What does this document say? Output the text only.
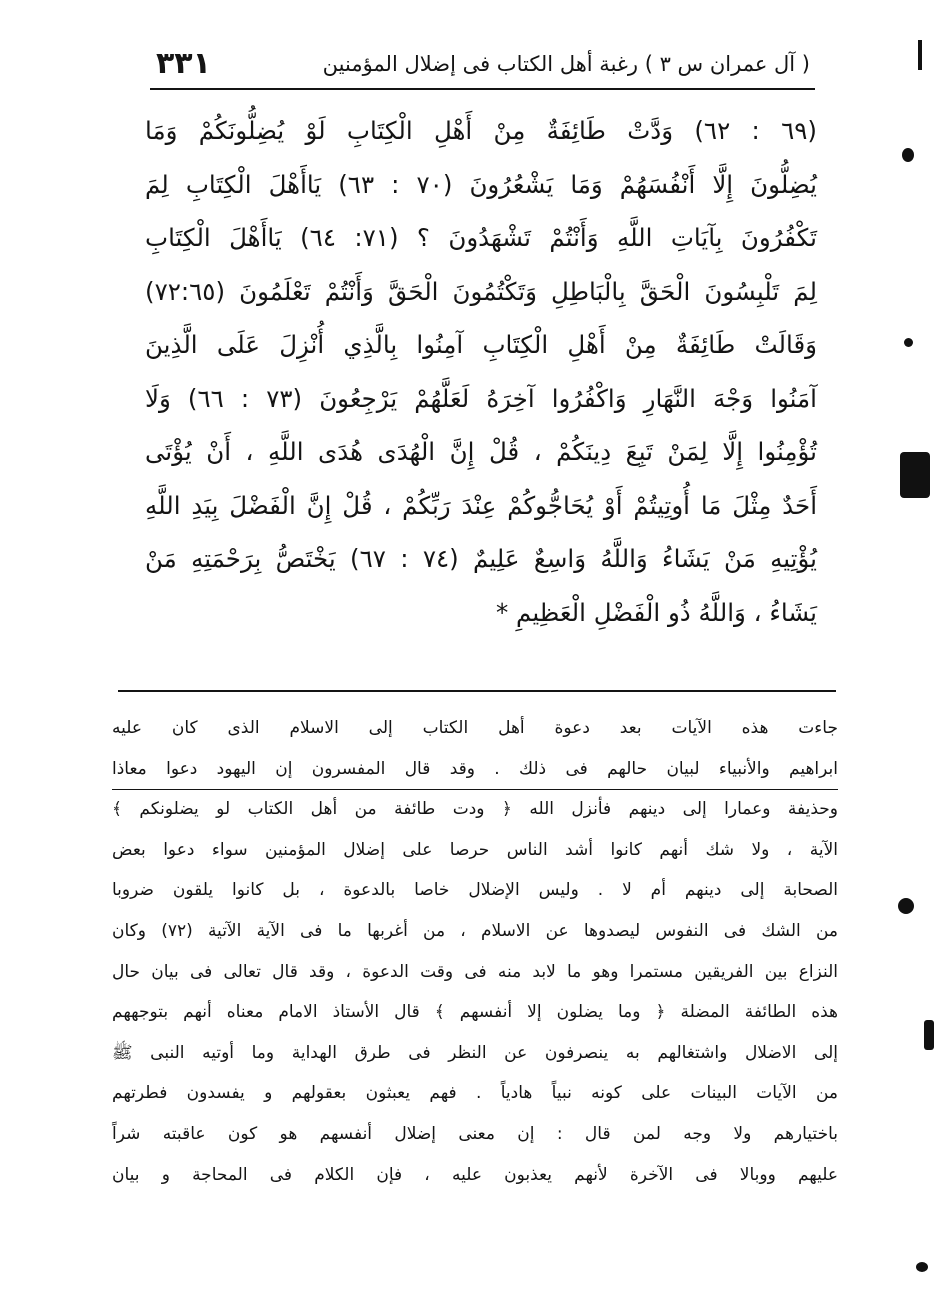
( آل عمران س ٣ ) رغبة أهل الكتاب فى إضلال المؤمنين
٣٣١
(٦٩ : ٦٢) وَدَّتْ طَائِفَةٌ مِنْ أَهْلِ الْكِتَابِ لَوْ يُضِلُّونَكُمْ وَمَا
يُضِلُّونَ إِلَّا أَنْفُسَهُمْ وَمَا يَشْعُرُونَ (٧٠ : ٦٣) يَاأَهْلَ الْكِتَابِ لِمَ
تَكْفُرُونَ بِآيَاتِ اللَّهِ وَأَنْتُمْ تَشْهَدُونَ ؟ (٧١: ٦٤) يَاأَهْلَ الْكِتَابِ
لِمَ تَلْبِسُونَ الْحَقَّ بِالْبَاطِلِ وَتَكْتُمُونَ الْحَقَّ وَأَنْتُمْ تَعْلَمُونَ (٧٢:٦٥)
وَقَالَتْ طَائِفَةٌ مِنْ أَهْلِ الْكِتَابِ آمِنُوا بِالَّذِي أُنْزِلَ عَلَى الَّذِينَ
آمَنُوا وَجْهَ النَّهَارِ وَاكْفُرُوا آخِرَهُ لَعَلَّهُمْ يَرْجِعُونَ (٧٣ : ٦٦) وَلَا
تُؤْمِنُوا إِلَّا لِمَنْ تَبِعَ دِينَكُمْ ، قُلْ إِنَّ الْهُدَى هُدَى اللَّهِ ، أَنْ يُؤْتَى
أَحَدٌ مِثْلَ مَا أُوتِيتُمْ أَوْ يُحَاجُّوكُمْ عِنْدَ رَبِّكُمْ ، قُلْ إِنَّ الْفَضْلَ بِيَدِ اللَّهِ
يُؤْتِيهِ مَنْ يَشَاءُ وَاللَّهُ وَاسِعٌ عَلِيمٌ (٧٤ : ٦٧) يَخْتَصُّ بِرَحْمَتِهِ مَنْ
يَشَاءُ ، وَاللَّهُ ذُو الْفَضْلِ الْعَظِيمِ *
جاءت هذه الآيات بعد دعوة أهل الكتاب إلى الاسلام الذى كان عليه
ابراهيم والأنبياء لبيان حالهم فى ذلك . وقد قال المفسرون إن اليهود دعوا معاذا
وحذيفة وعمارا إلى دينهم فأنزل الله ﴿ ودت طائفة من أهل الكتاب لو يضلونكم ﴾
الآية ، ولا شك أنهم كانوا أشد الناس حرصا على إضلال المؤمنين سواء دعوا بعض
الصحابة إلى دينهم أم لا . وليس الإضلال خاصا بالدعوة ، بل كانوا يلقون ضروبا
من الشك فى النفوس ليصدوها عن الاسلام ، من أغربها ما فى الآية الآتية (٧٢) وكان
النزاع بين الفريقين مستمرا وهو ما لابد منه فى وقت الدعوة ، وقد قال تعالى فى بيان حال
هذه الطائفة المضلة ﴿ وما يضلون إلا أنفسهم ﴾ قال الأستاذ الامام معناه أنهم بتوجههم
إلى الاضلال واشتغالهم به ينصرفون عن النظر فى طرق الهداية وما أوتيه النبى ﷺ
من الآيات البينات على كونه نبياً هادياً . فهم يعبثون بعقولهم و يفسدون فطرتهم
باختيارهم ولا وجه لمن قال : إن معنى إضلال أنفسهم هو كون عاقبته شراً
عليهم ووبالا فى الآخرة لأنهم يعذبون عليه ، فإن الكلام فى المحاجة و بيان
